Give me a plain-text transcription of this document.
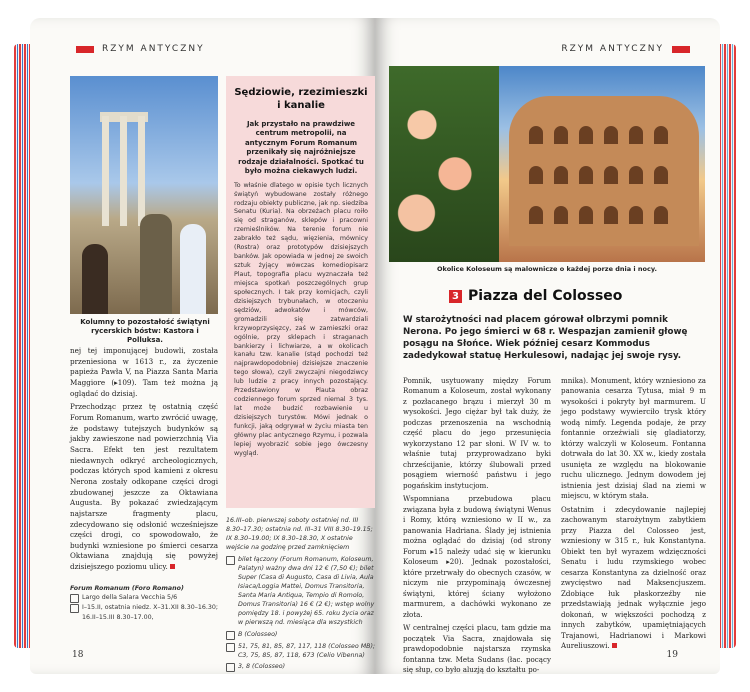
RZYM ANTYCZNY
Kolumny to pozostałość świątyni rycerskich bóstw: Kastora i Polluksa.

nej tej imponującej budowli, została przeniesiona w 1613 r., za życzenie papieża Pawła V, na Piazza Santa Maria Maggiore (▸109). Tam też można ją oglądać do dzisiaj.

Przechodząc przez tę ostatnią część Forum Romanum, warto zwrócić uwagę, że podstawy tutejszych budynków są jakby zawieszone nad powierzchnią Via Sacra. Efekt ten jest rezultatem niedawnych odkryć archeologicznych, podczas których spod kamieni z okresu Nerona zostały odkopane części drogi zbudowanej jeszcze za Oktawiana Augusta. By pokazać zwiedzającym najstarsze fragmenty placu, zdecydowano się odsłonić wcześniejsze części drogi, co spowodowało, że budynki wzniesione po śmierci cesarza Oktawiana znajdują się powyżej dzisiejszego poziomu ulicy.

Sędziowie, rzezimieszki i kanalie
Jak przystało na prawdziwe centrum metropolii, na antycznym Forum Romanum przenikały się najróżniejsze rodzaje działalności. Spotkać tu było można ciekawych ludzi.
To właśnie dlatego w opisie tych licznych świątyń wybudowane zostały różnego rodzaju obiekty publiczne, jak np. siedziba Senatu (Kuria). Na obrzeżach placu roiło się od straganów, sklepów i pracowni rzemieślników. Na terenie forum nie zabrakło też sądu, więzienia, mównicy (Rostra) oraz prototypów dzisiejszych banków. Jak opowiada w jednej ze swoich sztuk żyjący wówczas komediopisarz Plaut, topografia placu wyznaczała też miejsca spotkań poszczególnych grup społecznych. I tak przy komicjach, czyli dzisiejszych trybunałach, w otoczeniu sędziów, adwokatów i mówców, gromadzili się zatwardziali krzywoprzysięzcy, zaś w zamieszki oraz ogólnie, przy sklepach i straganach bankierzy i lichwiarze, a w okolicach kanału tzw. kanalie (stąd pochodzi też najprawdopodobniej dzisiejsze znaczenie tego słowa), czyli zwyczajni niegodziwcy lub ludzie z pracy innych pozostający. Przedstawiony w Plauta obraz codziennego forum sprzed niemal 3 tys. lat może budzić rozbawienie u dzisiejszych turystów. Mówi jednak o funkcji, jaką odgrywał w życiu miasta ten główny plac antycznego Rzymu, i pozwala lepiej wyobrazić sobie jego ówczesny wygląd.
Forum Romanum (Foro Romano)
Largo della Salara Vecchia 5/6
I–15.II, ostatnia niedz. X–31.XII 8.30–16.30; 16.II–15.III 8.30–17.00,
16.III–ob. pierwszej soboty ostatniej nd. III 8.30–17.30; ostatnia nd. III–31 VIII 8.30–19.15; IX 8.30–19.00; IX 8.30–18.30, X ostatnie wejście na godzinę przed zamknięciem
bilet łączony (Forum Romanum, Koloseum, Palatyn) ważny dwa dni 12 € (7,50 €); bilet Super (Casa di Augusto, Casa di Livia, Aula Isiaca/Loggia Mattei, Domus Transitoria, Santa Maria Antiqua, Tempio di Romolo, Domus Transitoria) 16 € (2 €); wstęp wolny pomiędzy 18. i powyżej 65. roku życia oraz w pierwszą nd. miesiąca dla wszystkich
B (Colosseo)
51, 75, 81, 85, 87, 117, 118 (Colosseo MB); C3, 75, 85, 87, 118, 673 (Celio Vibenna)
3, 8 (Colosseo)
18
RZYM ANTYCZNY
Okolice Koloseum są malownicze o każdej porze dnia i nocy.
3 Piazza del Colosseo
W starożytności nad placem górował olbrzymi pomnik Nerona. Po jego śmierci w 68 r. Wespazjan zamienił głowę posągu na Słońce. Wiek później cesarz Kommodus zadedykował statuę Herkulesowi, nadając jej swoje rysy.

Pomnik, usytuowany między Forum Romanum a Koloseum, został wykonany z pozłacanego brązu i mierzył 30 m wysokości. Jego ciężar był tak duży, że podczas przenoszenia na wschodnią część placu do jego przesunięcia wykorzystano 12 par słoni. W IV w. to właśnie tutaj przyprowadzano byki chrześcijanie, którzy ślubowali przed posągiem wierność państwu i jego pogańskim instytucjom.

Wspomniana przebudowa placu związana była z budową świątyni Wenus i Romy, którą wzniesiono w II w., za panowania Hadriana. Ślady jej istnienia można oglądać do dzisiaj (od strony Forum ▸15 należy udać się w kierunku Koloseum ▸20). Jednak pozostałości, które przetrwały do obecnych czasów, w niczym nie przypominają ówczesnej świątyni, której ściany wyłożono marmurem, a dachówki wykonano ze złota.

W centralnej części placu, tam gdzie ma początek Via Sacra, znajdowała się prawdopodobnie najstarsza rzymska fontanna tzw. Meta Sudans (łac. pocący się słup, co było aluzją do kształtu po-

mnika). Monument, który wzniesiono za panowania cesarza Tytusa, miał 9 m wysokości i pokryty był marmurem. U jego podstawy wywierciło trysk który wodą nimfy. Legenda podaje, że przy fontannie orzeźwiali się gladiatorzy, którzy walczyli w Koloseum. Fontanna dotrwała do lat 30. XX w., kiedy została usunięta ze względu na blokowanie ruchu ulicznego. Jednym dowodem jej istnienia jest dzisiaj ślad na ziemi w miejscu, w którym stała.

Ostatnim i zdecydowanie najlepiej zachowanym starożytnym zabytkiem przy Piazza del Colosseo jest, wzniesiony w 315 r., łuk Konstantyna. Obiekt ten był wyrazem wdzięczności Senatu i ludu rzymskiego wobec cesarza Konstantyna za dzielność oraz zwycięstwo nad Maksencjuszem. Zdobiące łuk płaskorzeźby nie przedstawiają jednak wyłącznie jego dokonań, w większości pochodzą z innych zabytków, upamiętniających Trajanowi, Hadrianowi i Markowi Aureliuszowi.

19
